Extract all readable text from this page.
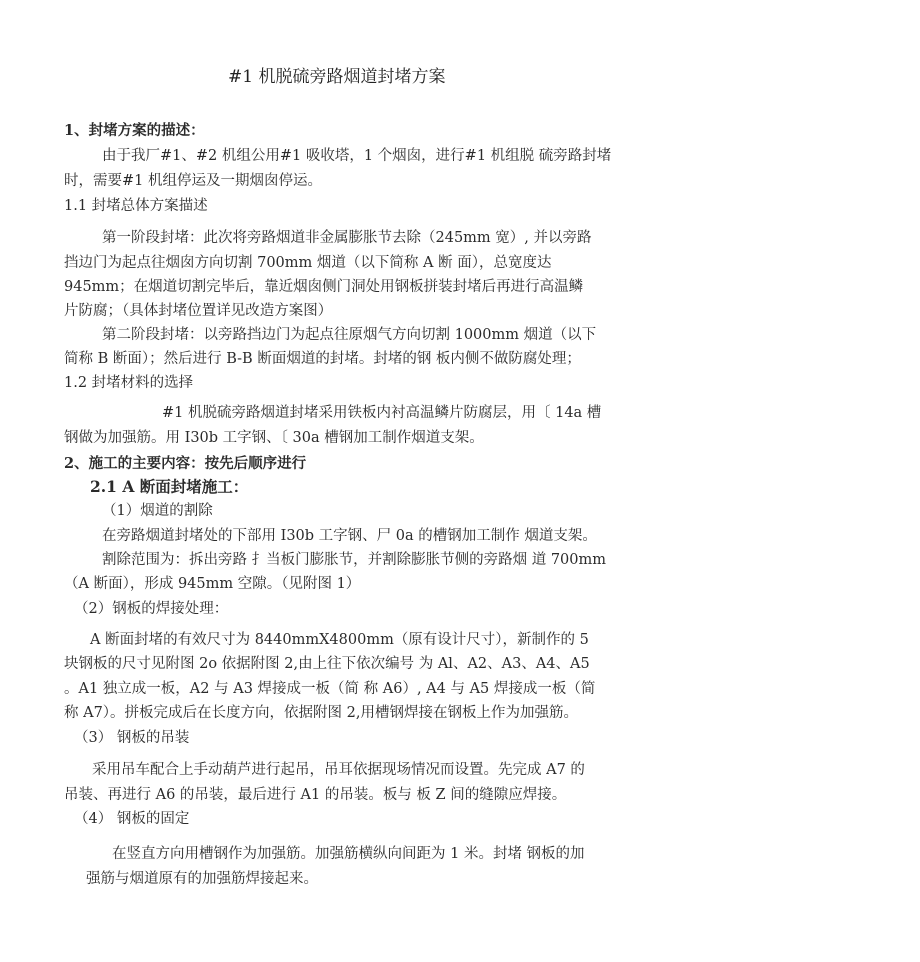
#1 机脱硫旁路烟道封堵方案
1、封堵方案的描述：
由于我厂#1、#2 机组公用#1 吸收塔，1 个烟囱，进行#1 机组脱 硫旁路封堵
时，需要#1 机组停运及一期烟囱停运。
1.1 封堵总体方案描述
第一阶段封堵：此次将旁路烟道非金属膨胀节去除（245mm 宽）, 并以旁路
挡边门为起点往烟囱方向切割 700mm 烟道（以下简称 A 断 面），总宽度达
945mm；在烟道切割完毕后，靠近烟囱侧门洞处用钢板拼装封堵后再进行高温鳞
片防腐；（具体封堵位置详见改造方案图）
第二阶段封堵：以旁路挡边门为起点往原烟气方向切割 1000mm 烟道（以下
简称 B 断面）；然后进行 B-B 断面烟道的封堵。封堵的钢 板内侧不做防腐处理；
1.2 封堵材料的选择
#1 机脱硫旁路烟道封堵采用铁板内衬高温鳞片防腐层，用〔 14a 槽
钢做为加强筋。用 I30b 工字钢、〔 30a 槽钢加工制作烟道支架。
2、施工的主要内容：按先后顺序进行
2.1 A 断面封堵施工：
（1）烟道的割除
在旁路烟道封堵处的下部用 I30b 工字钢、尸 0a 的槽钢加工制作 烟道支架。
割除范围为：拆出旁路 扌当板门膨胀节，并割除膨胀节侧的旁路烟 道 700mm
（A 断面），形成 945mm 空隙。（见附图 1）
（2）钢板的焊接处理：
A 断面封堵的有效尺寸为 8440mmX4800mm（原有设计尺寸），新制作的 5
块钢板的尺寸见附图 2o 依据附图 2,由上往下依次编号 为 Al、A2、A3、A4、A5
。A1 独立成一板，A2 与 A3 焊接成一板（简 称 A6）, A4 与 A5 焊接成一板（简
称 A7）。拼板完成后在长度方向，依据附图 2,用槽钢焊接在钢板上作为加强筋。
（3） 钢板的吊装
采用吊车配合上手动葫芦进行起吊，吊耳依据现场情况而设置。先完成 A7 的
吊装、再进行 A6 的吊装，最后进行 A1 的吊装。板与 板 Z 间的缝隙应焊接。
（4） 钢板的固定
在竖直方向用槽钢作为加强筋。加强筋横纵向间距为 1 米。封堵 钢板的加
强筋与烟道原有的加强筋焊接起来。
